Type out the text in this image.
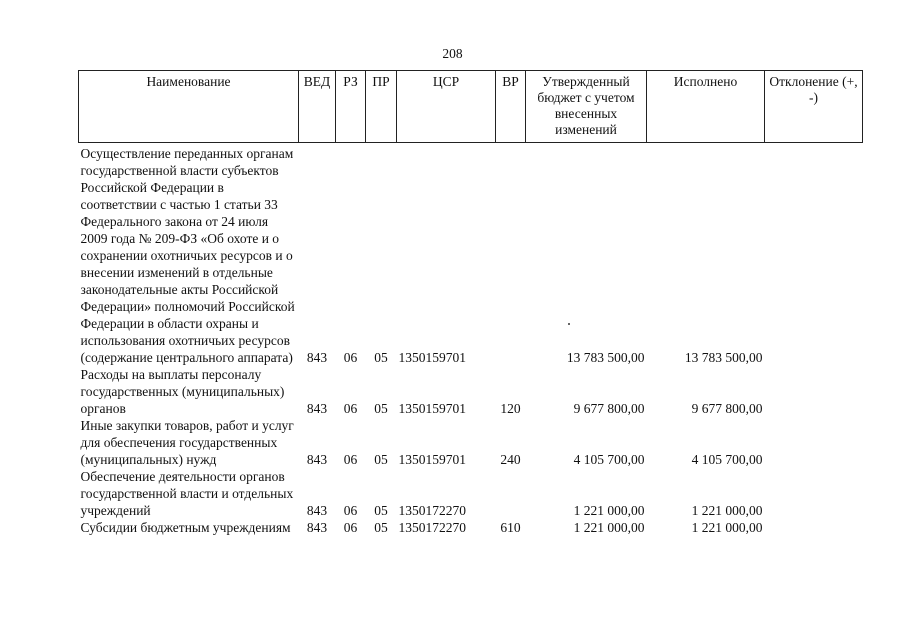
208
Наименование	ВЕД	РЗ	ПР	ЦСР	ВР	Утвержденный бюджет с учетом внесенных изменений	Исполнено	Отклонение (+, -)
Осуществление переданных органам государственной власти субъектов Российской Федерации в соответствии с частью 1 статьи 33 Федерального закона от 24 июля 2009 года № 209-ФЗ «Об охоте и о сохранении охотничьих ресурсов и о внесении изменений в отдельные законодательные акты Российской Федерации» полномочий Российской Федерации в области охраны и использования охотничьих ресурсов (содержание центрального аппарата)	843	06	05	1350159701		13 783 500,00	13 783 500,00	
Расходы на выплаты персоналу государственных (муниципальных) органов	843	06	05	1350159701	120	9 677 800,00	9 677 800,00	
Иные закупки товаров, работ и услуг для обеспечения государственных (муниципальных) нужд	843	06	05	1350159701	240	4 105 700,00	4 105 700,00	
Обеспечение деятельности органов государственной власти и отдельных учреждений	843	06	05	1350172270		1 221 000,00	1 221 000,00	
Субсидии бюджетным учреждениям	843	06	05	1350172270	610	1 221 000,00	1 221 000,00	
